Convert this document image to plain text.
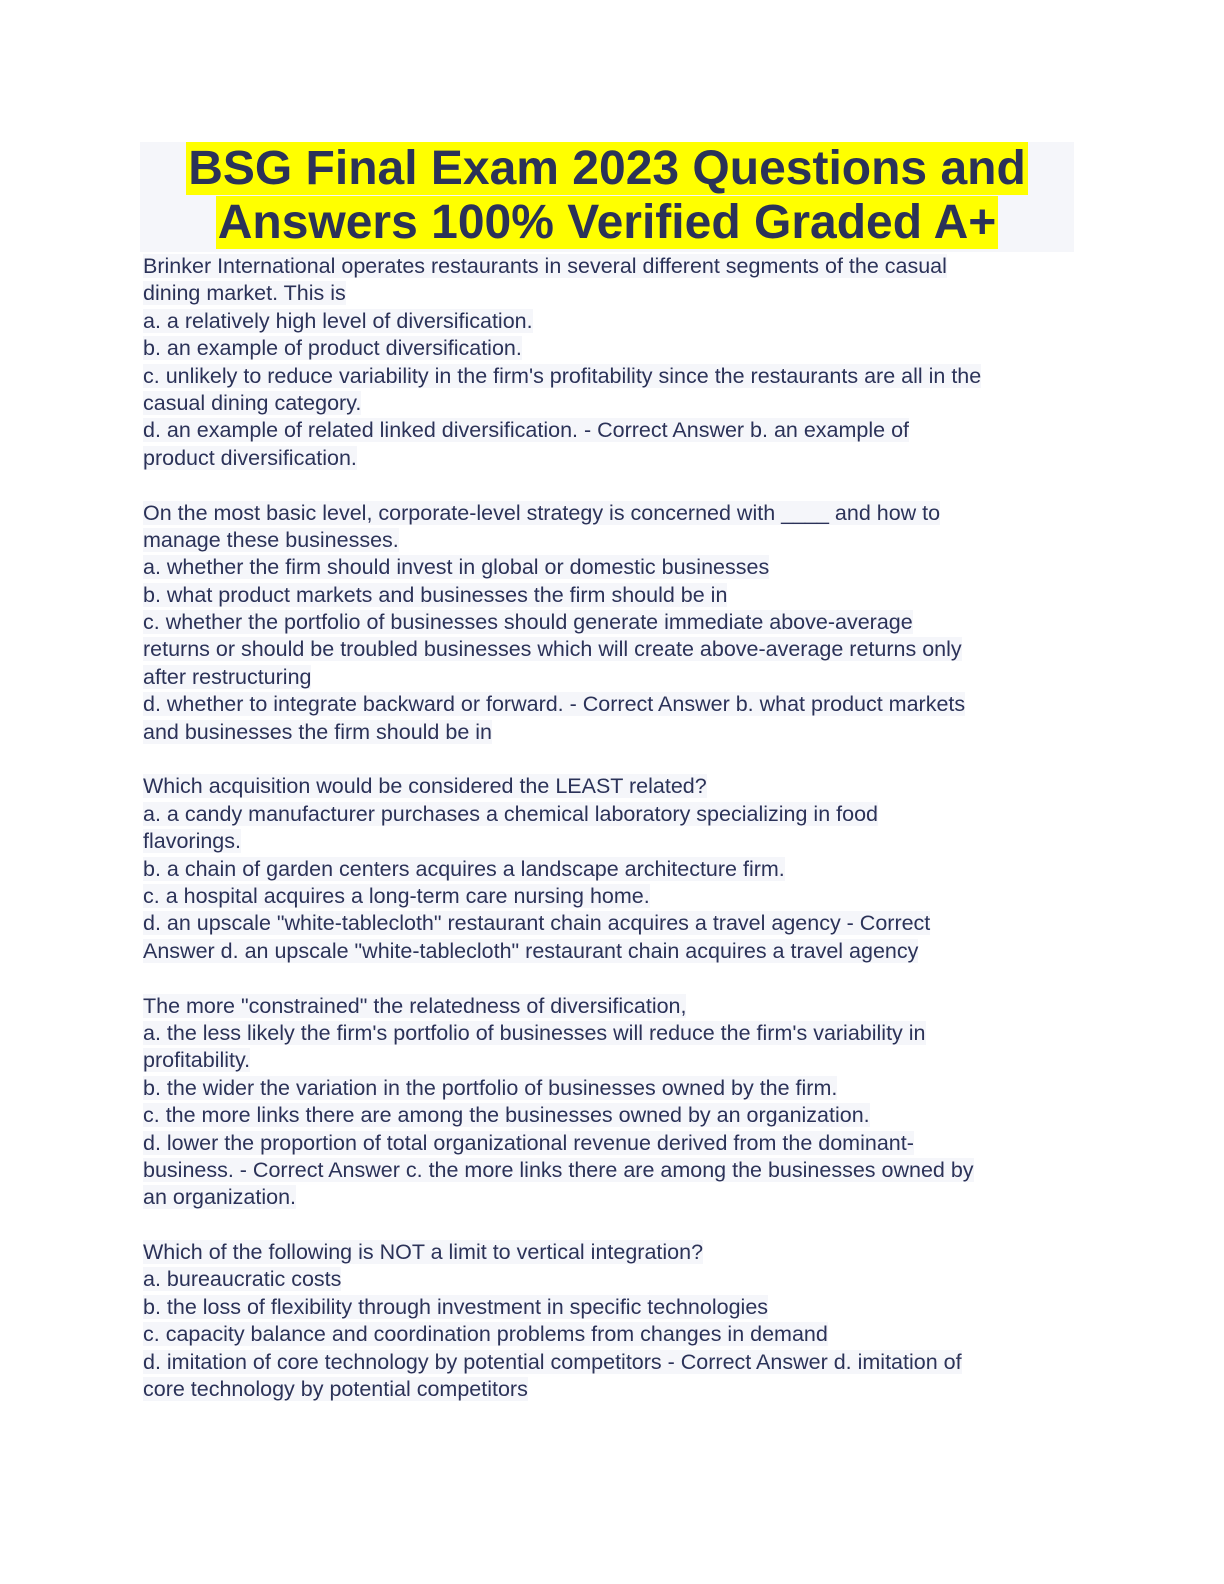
BSG Final Exam 2023 Questions and
Answers 100% Verified Graded A+
Brinker International operates restaurants in several different segments of the casual
dining market. This is
a. a relatively high level of diversification.
b. an example of product diversification.
c. unlikely to reduce variability in the firm's profitability since the restaurants are all in the
casual dining category.
d. an example of related linked diversification. - Correct Answer b. an example of
product diversification.
On the most basic level, corporate-level strategy is concerned with ____ and how to
manage these businesses.
a. whether the firm should invest in global or domestic businesses
b. what product markets and businesses the firm should be in
c. whether the portfolio of businesses should generate immediate above-average
returns or should be troubled businesses which will create above-average returns only
after restructuring
d. whether to integrate backward or forward. - Correct Answer b. what product markets
and businesses the firm should be in
Which acquisition would be considered the LEAST related?
a. a candy manufacturer purchases a chemical laboratory specializing in food
flavorings.
b. a chain of garden centers acquires a landscape architecture firm.
c. a hospital acquires a long-term care nursing home.
d. an upscale "white-tablecloth" restaurant chain acquires a travel agency - Correct
Answer d. an upscale "white-tablecloth" restaurant chain acquires a travel agency
The more "constrained" the relatedness of diversification,
a. the less likely the firm's portfolio of businesses will reduce the firm's variability in
profitability.
b. the wider the variation in the portfolio of businesses owned by the firm.
c. the more links there are among the businesses owned by an organization.
d. lower the proportion of total organizational revenue derived from the dominant-
business. - Correct Answer c. the more links there are among the businesses owned by
an organization.
Which of the following is NOT a limit to vertical integration?
a. bureaucratic costs
b. the loss of flexibility through investment in specific technologies
c. capacity balance and coordination problems from changes in demand
d. imitation of core technology by potential competitors - Correct Answer d. imitation of
core technology by potential competitors
